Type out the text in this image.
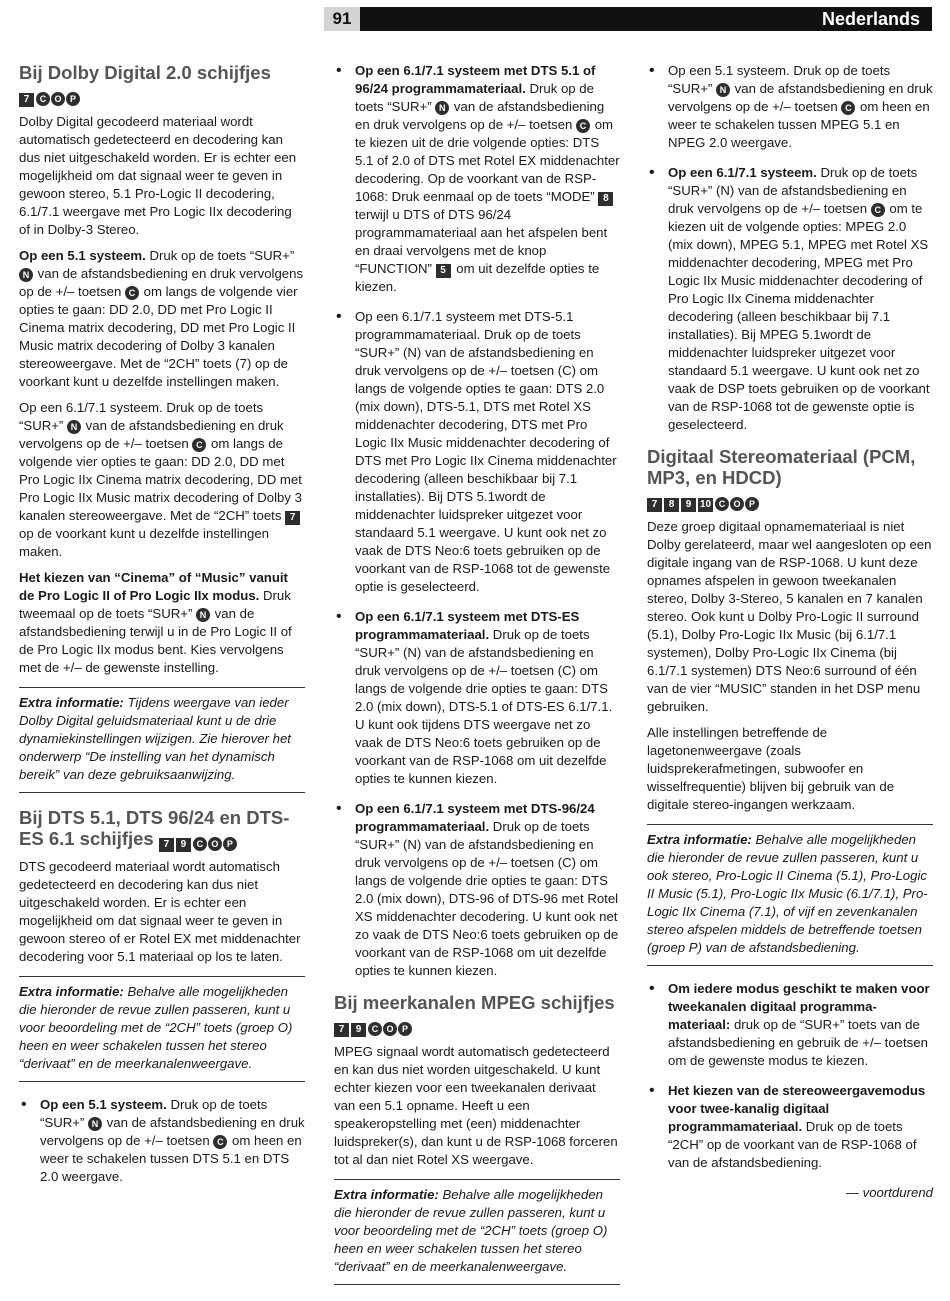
91	Nederlands
Bij Dolby Digital 2.0 schijfjes
7 C O P

Dolby Digital gecodeerd materiaal wordt automatisch gedetecteerd en decodering kan dus niet uitgeschakeld worden. Er is echter een mogelijkheid om dat signaal weer te geven in gewoon stereo, 5.1 Pro-Logic II decodering, 6.1/7.1 weergave met Pro Logic IIx decodering of in Dolby-3 Stereo.

Op een 5.1 systeem. Druk op de toets “SUR+” N van de afstandsbediening en druk vervolgens op de +/– toetsen C om langs de volgende vier opties te gaan: DD 2.0, DD met Pro Logic II Cinema matrix decodering, DD met Pro Logic II Music matrix decodering of Dolby 3 kanalen stereoweergave. Met de “2CH” toets (7) op de voorkant kunt u dezelfde instellingen maken.

Op een 6.1/7.1 systeem. Druk op de toets “SUR+” N van de afstandsbediening en druk vervolgens op de +/– toetsen C om langs de volgende vier opties te gaan: DD 2.0, DD met Pro Logic IIx Cinema matrix decodering, DD met Pro Logic IIx Music matrix decodering of Dolby 3 kanalen stereoweergave. Met de “2CH” toets 7 op de voorkant kunt u dezelfde instellingen maken.

Het kiezen van “Cinema” of “Music” vanuit de Pro Logic II of Pro Logic IIx modus. Druk tweemaal op de toets “SUR+” N van de afstandsbediening terwijl u in de Pro Logic II of de Pro Logic IIx modus bent. Kies vervolgens met de +/– de gewenste instelling.

Extra informatie: Tijdens weergave van ieder Dolby Digital geluidsmateriaal kunt u de drie dynamiekinstellingen wijzigen. Zie hierover het onderwerp “De instelling van het dynamisch bereik” van deze gebruiksaanwijzing.
Bij DTS 5.1, DTS 96/24 en DTS-ES 6.1 schijfjes 7 9 C O P

DTS gecodeerd materiaal wordt automatisch gedetecteerd en decodering kan dus niet uitgeschakeld worden. Er is echter een mogelijkheid om dat signaal weer te geven in gewoon stereo of er Rotel EX met middenachter decodering voor 5.1 materiaal op los te laten.

Extra informatie: Behalve alle mogelijkheden die hieronder de revue zullen passeren, kunt u voor beoordeling met de “2CH” toets (groep O) heen en weer schakelen tussen het stereo “derivaat” en de meerkanalenweergave.
• Op een 5.1 systeem. Druk op de toets “SUR+” N van de afstandsbediening en druk vervolgens op de +/– toetsen C om heen en weer te schakelen tussen DTS 5.1 en DTS 2.0 weergave.
• Op een 6.1/7.1 systeem met DTS 5.1 of 96/24 programmamateriaal. Druk op de toets “SUR+” N van de afstandsbediening en druk vervolgens op de +/– toetsen C om te kiezen uit de drie volgende opties: DTS 5.1 of 2.0 of DTS met Rotel EX middenachter decodering. Op de voorkant van de RSP-1068: Druk eenmaal op de toets “MODE” 8 terwijl u DTS of DTS 96/24 programmamateriaal aan het afspelen bent en draai vervolgens met de knop “FUNCTION” 5 om uit dezelfde opties te kiezen.
• Op een 6.1/7.1 systeem met DTS-5.1 programmamateriaal. Druk op de toets “SUR+” (N) van de afstandsbediening en druk vervolgens op de +/– toetsen (C) om langs de volgende opties te gaan: DTS 2.0 (mix down), DTS-5.1, DTS met Rotel XS middenachter decodering, DTS met Pro Logic IIx Music middenachter decodering of DTS met Pro Logic IIx Cinema middenachter decodering (alleen beschikbaar bij 7.1 installaties). Bij DTS 5.1wordt de middenachter luidspreker uitgezet voor standaard 5.1 weergave. U kunt ook net zo vaak de DTS Neo:6 toets gebruiken op de voorkant van de RSP-1068 tot de gewenste optie is geselecteerd.
• Op een 6.1/7.1 systeem met DTS-ES programmamateriaal. Druk op de toets “SUR+” (N) van de afstandsbediening en druk vervolgens op de +/– toetsen (C) om langs de volgende drie opties te gaan: DTS 2.0 (mix down), DTS-5.1 of DTS-ES 6.1/7.1. U kunt ook tijdens DTS weergave net zo vaak de DTS Neo:6 toets gebruiken op de voorkant van de RSP-1068 om uit dezelfde opties te kunnen kiezen.
• Op een 6.1/7.1 systeem met DTS-96/24 programmamateriaal. Druk op de toets “SUR+” (N) van de afstandsbediening en druk vervolgens op de +/– toetsen (C) om langs de volgende drie opties te gaan: DTS 2.0 (mix down), DTS-96 of DTS-96 met Rotel XS middenachter decodering. U kunt ook net zo vaak de DTS Neo:6 toets gebruiken op de voorkant van de RSP-1068 om uit dezelfde opties te kunnen kiezen.
Bij meerkanalen MPEG schijfjes 7 9 C O P

MPEG signaal wordt automatisch gedetecteerd en kan dus niet worden uitgeschakeld. U kunt echter kiezen voor een tweekanalen derivaat van een 5.1 opname. Heeft u een speakeropstelling met (een) middenachter luidspreker(s), dan kunt u de RSP-1068 forceren tot al dan niet Rotel XS weergave.

Extra informatie: Behalve alle mogelijkheden die hieronder de revue zullen passeren, kunt u voor beoordeling met de “2CH” toets (groep O) heen en weer schakelen tussen het stereo “derivaat” en de meerkanalenweergave.
• Op een 5.1 systeem. Druk op de toets “SUR+” N van de afstandsbediening en druk vervolgens op de +/– toetsen C om heen en weer te schakelen tussen MPEG 5.1 en NPEG 2.0 weergave.
• Op een 6.1/7.1 systeem. Druk op de toets “SUR+” (N) van de afstandsbediening en druk vervolgens op de +/– toetsen C om te kiezen uit de volgende opties: MPEG 2.0 (mix down), MPEG 5.1, MPEG met Rotel XS middenachter decodering, MPEG met Pro Logic IIx Music middenachter decodering of Pro Logic IIx Cinema middenachter decodering (alleen beschikbaar bij 7.1 installaties). Bij MPEG 5.1wordt de middenachter luidspreker uitgezet voor standaard 5.1 weergave. U kunt ook net zo vaak de DSP toets gebruiken op de voorkant van de RSP-1068 tot de gewenste optie is geselecteerd.
Digitaal Stereomateriaal (PCM, MP3, en HDCD)
7 8 9 10 C O P

Deze groep digitaal opnamemateriaal is niet Dolby gerelateerd, maar wel aangesloten op een digitale ingang van de RSP-1068. U kunt deze opnames afspelen in gewoon tweekanalen stereo, Dolby 3-Stereo, 5 kanalen en 7 kanalen stereo. Ook kunt u Dolby Pro-Logic II surround (5.1), Dolby Pro-Logic IIx Music (bij 6.1/7.1 systemen), Dolby Pro-Logic IIx Cinema (bij 6.1/7.1 systemen) DTS Neo:6 surround of één van de vier “MUSIC” standen in het DSP menu gebruiken.

Alle instellingen betreffende de lagetonenweergave (zoals luidsprekerafmetingen, subwoofer en wisselfrequentie) blijven bij gebruik van de digitale stereo-ingangen werkzaam.

Extra informatie: Behalve alle mogelijkheden die hieronder de revue zullen passeren, kunt u ook stereo, Pro-Logic II Cinema (5.1), Pro-Logic II Music (5.1), Pro-Logic IIx Music (6.1/7.1), Pro-Logic IIx Cinema (7.1), of vijf en zevenkanalen stereo afspelen middels de betreffende toetsen (groep P) van de afstandsbediening.
• Om iedere modus geschikt te maken voor tweekanalen digitaal programma-materiaal: druk op de “SUR+” toets van de afstandsbediening en gebruik de +/– toetsen om de gewenste modus te kiezen.
• Het kiezen van de stereoweergavemodus voor twee-kanalig digitaal programmamateriaal. Druk op de toets “2CH” op de voorkant van de RSP-1068 of van de afstandsbediening.
— voortdurend
